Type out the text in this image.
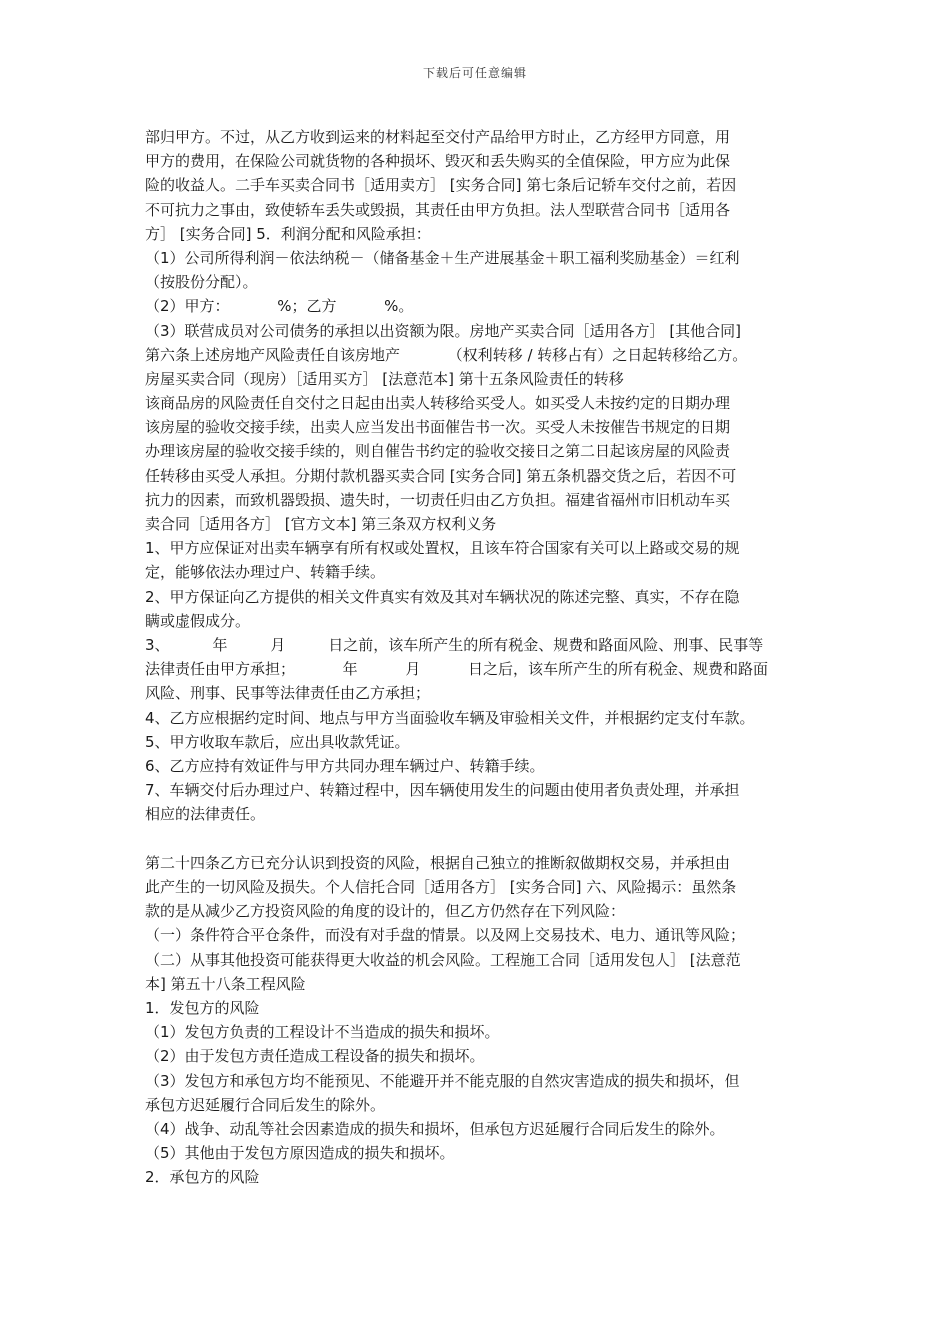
下载后可任意编辑
部归甲方。不过，从乙方收到运来的材料起至交付产品给甲方时止，乙方经甲方同意，用
甲方的费用，在保险公司就货物的各种损坏、毁灭和丢失购买的全值保险，甲方应为此保
险的收益人。二手车买卖合同书［适用卖方］ [实务合同] 第七条后记轿车交付之前，若因
不可抗力之事由，致使轿车丢失或毁损，其责任由甲方负担。法人型联营合同书［适用各
方］ [实务合同] 5．利润分配和风险承担：
（1）公司所得利润－依法纳税－（储备基金＋生产进展基金＋职工福利奖励基金）＝红利
（按股份分配）。
（2）甲方：          %；乙方          %。
（3）联营成员对公司债务的承担以出资额为限。房地产买卖合同［适用各方］ [其他合同]
第六条上述房地产风险责任自该房地产          （权利转移 / 转移占有）之日起转移给乙方。
房屋买卖合同（现房）［适用买方］ [法意范本] 第十五条风险责任的转移
该商品房的风险责任自交付之日起由出卖人转移给买受人。如买受人未按约定的日期办理
该房屋的验收交接手续，出卖人应当发出书面催告书一次。买受人未按催告书规定的日期
办理该房屋的验收交接手续的，则自催告书约定的验收交接日之第二日起该房屋的风险责
任转移由买受人承担。分期付款机器买卖合同 [实务合同] 第五条机器交货之后，若因不可
抗力的因素，而致机器毁损、遗失时，一切责任归由乙方负担。福建省福州市旧机动车买
卖合同［适用各方］ [官方文本] 第三条双方权利义务
1、甲方应保证对出卖车辆享有所有权或处置权，且该车符合国家有关可以上路或交易的规
定，能够依法办理过户、转籍手续。
2、甲方保证向乙方提供的相关文件真实有效及其对车辆状况的陈述完整、真实，不存在隐
瞒或虚假成分。
3、         年         月         日之前，该车所产生的所有税金、规费和路面风险、刑事、民事等
法律责任由甲方承担；          年          月          日之后，该车所产生的所有税金、规费和路面
风险、刑事、民事等法律责任由乙方承担；
4、乙方应根据约定时间、地点与甲方当面验收车辆及审验相关文件，并根据约定支付车款。
5、甲方收取车款后，应出具收款凭证。
6、乙方应持有效证件与甲方共同办理车辆过户、转籍手续。
7、车辆交付后办理过户、转籍过程中，因车辆使用发生的问题由使用者负责处理，并承担
相应的法律责任。
第二十四条乙方已充分认识到投资的风险，根据自己独立的推断叙做期权交易，并承担由
此产生的一切风险及损失。个人信托合同［适用各方］ [实务合同] 六、风险揭示：虽然条
款的是从减少乙方投资风险的角度的设计的，但乙方仍然存在下列风险：
（一）条件符合平仓条件，而没有对手盘的情景。以及网上交易技术、电力、通讯等风险；
（二）从事其他投资可能获得更大收益的机会风险。工程施工合同［适用发包人］ [法意范
本] 第五十八条工程风险
1．发包方的风险
（1）发包方负责的工程设计不当造成的损失和损坏。
（2）由于发包方责任造成工程设备的损失和损坏。
（3）发包方和承包方均不能预见、不能避开并不能克服的自然灾害造成的损失和损坏，但
承包方迟延履行合同后发生的除外。
（4）战争、动乱等社会因素造成的损失和损坏，但承包方迟延履行合同后发生的除外。
（5）其他由于发包方原因造成的损失和损坏。
2．承包方的风险
